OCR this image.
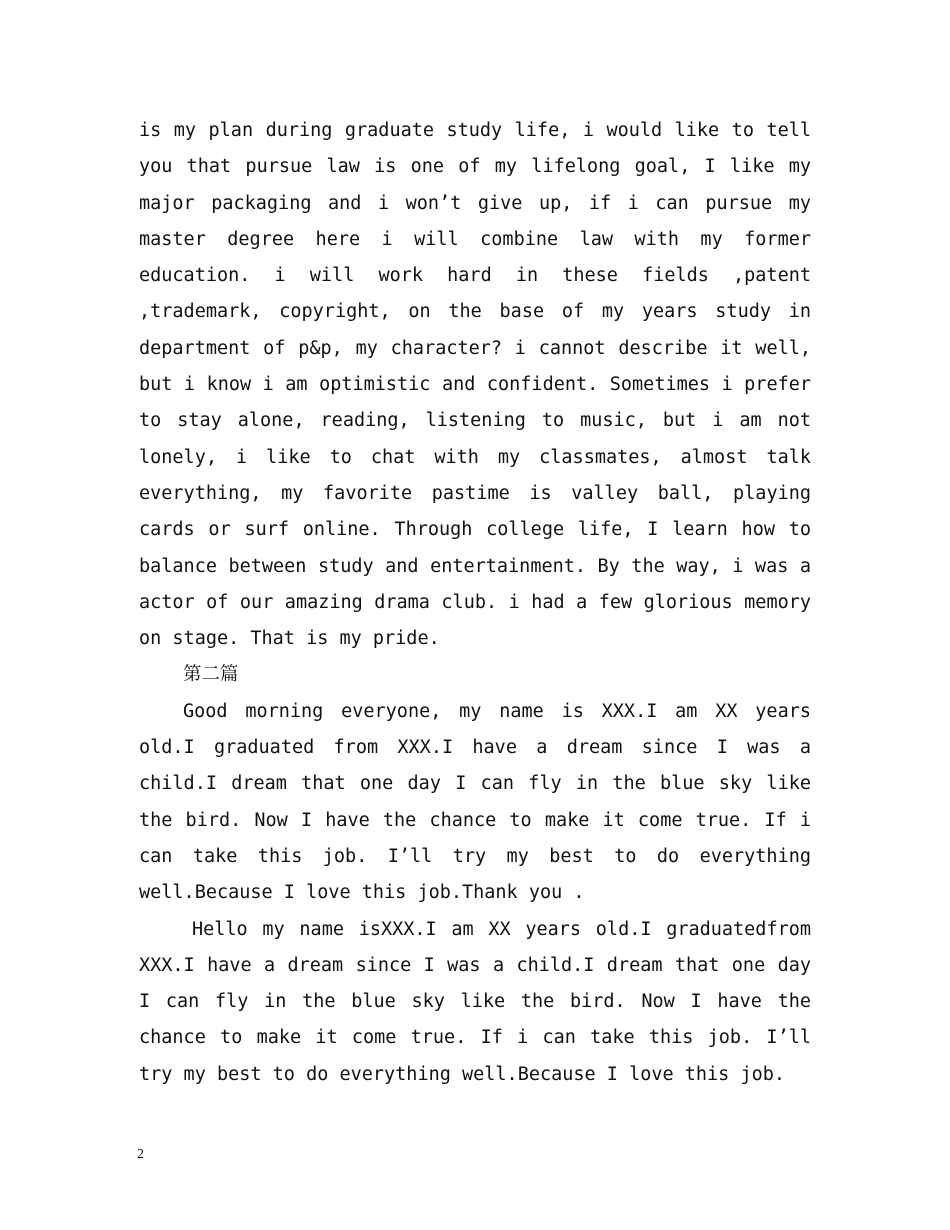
is my plan during graduate study life, i would like to tell you that pursue law is one of my lifelong goal, I like my major packaging and i won’t give up, if i can pursue my master degree here i will combine law with my former education. i will work hard in these fields ,patent ,trademark, copyright, on the base of my years study in department of p&p, my character? i cannot describe it well, but i know i am optimistic and confident. Sometimes i prefer to stay alone, reading, listening to music, but i am not lonely, i like to chat with my classmates, almost talk everything, my favorite pastime is valley ball, playing cards or surf online. Through college life, I learn how to balance between study and entertainment. By the way, i was a actor of our amazing drama club. i had a few glorious memory on stage. That is my pride.

第二篇

Good morning everyone, my name is XXX.I am XX years old.I graduated from XXX.I have a dream since I was a child.I dream that one day I can fly in the blue sky like the bird. Now I have the chance to make it come true. If i can take this job. I’ll try my best to do everything well.Because I love this job.Thank you .

Hello my name isXXX.I am XX years old.I graduatedfrom XXX.I have a dream since I was a child.I dream that one day I can fly in the blue sky like the bird. Now I have the chance to make it come true. If i can take this job. I’ll try my best to do everything well.Because I love this job.

2
